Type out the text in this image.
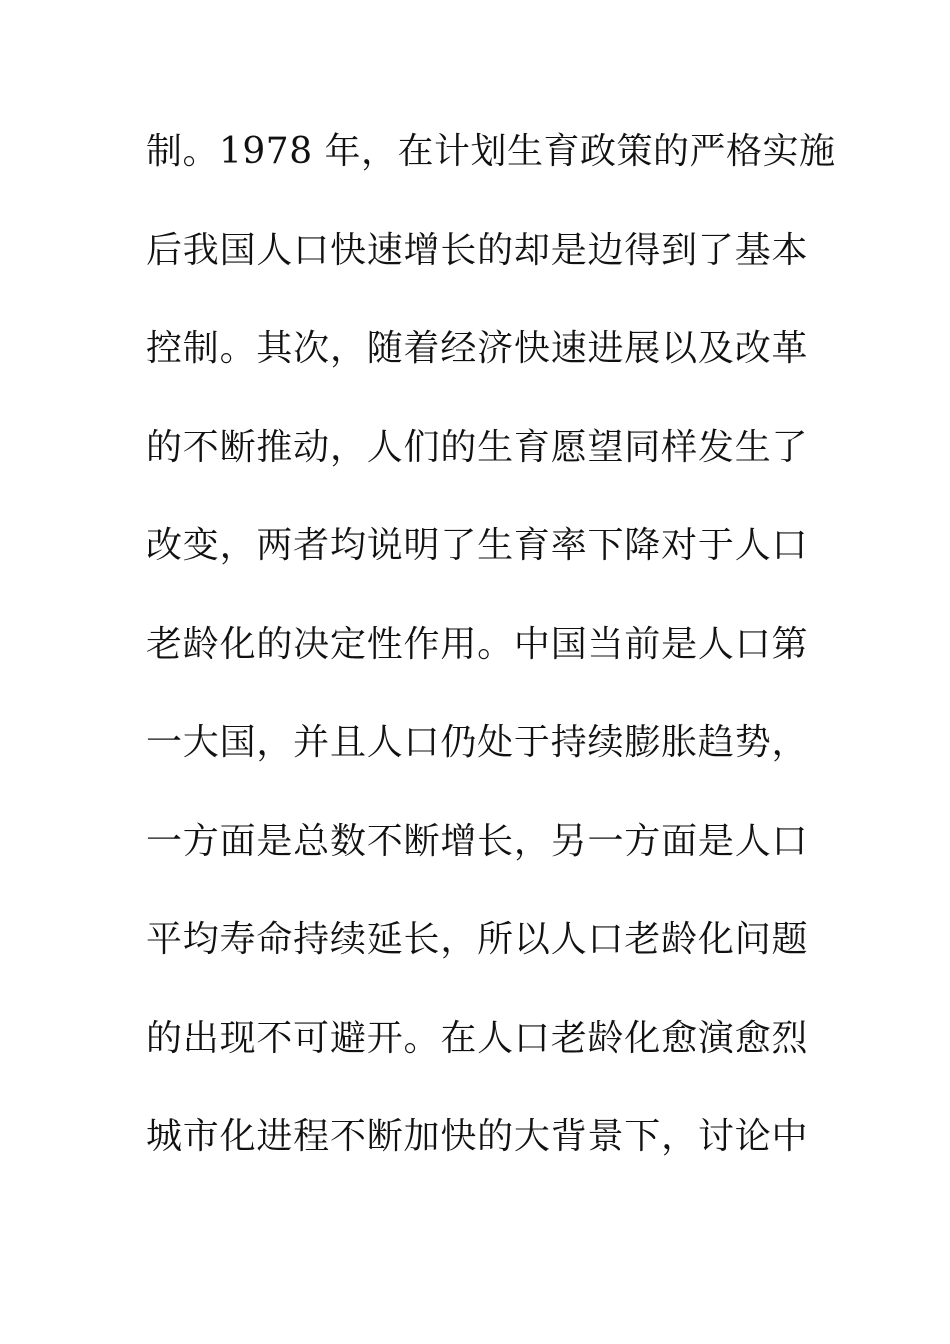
制。1978 年，在计划生育政策的严格实施
后我国人口快速增长的却是边得到了基本
控制。其次，随着经济快速进展以及改革
的不断推动，人们的生育愿望同样发生了
改变，两者均说明了生育率下降对于人口
老龄化的决定性作用。中国当前是人口第
一大国，并且人口仍处于持续膨胀趋势，
一方面是总数不断增长，另一方面是人口
平均寿命持续延长，所以人口老龄化问题
的出现不可避开。在人口老龄化愈演愈烈
城市化进程不断加快的大背景下，讨论中
